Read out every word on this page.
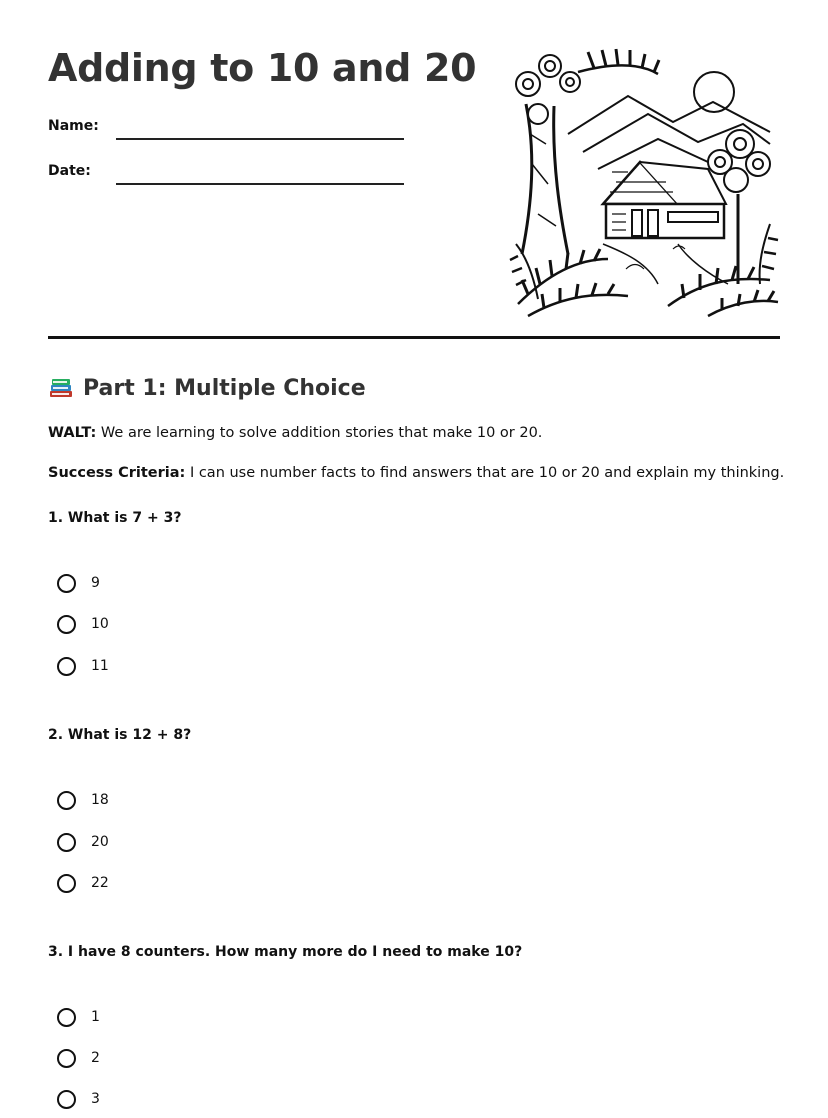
Adding to 10 and 20
Name:
Date:
Part 1: Multiple Choice

WALT: We are learning to solve addition stories that make 10 or 20.

Success Criteria: I can use number facts to find answers that are 10 or 20 and explain my thinking.

1. What is 7 + 3?
9
10
11
2. What is 12 + 8?
18
20
22
3. I have 8 counters. How many more do I need to make 10?
1
2
3
